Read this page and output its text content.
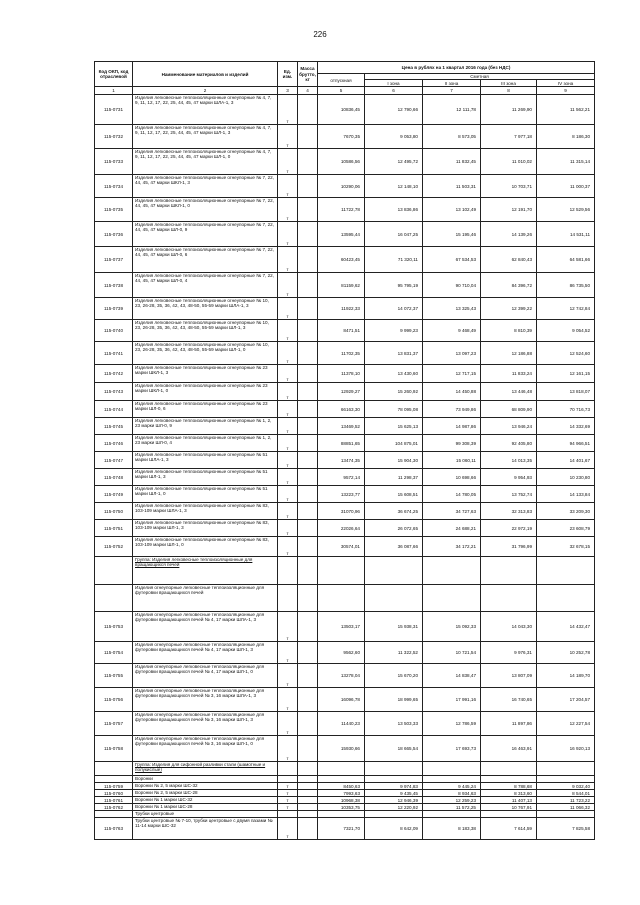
226
Код ОКП, код отраслевой	Наименование материалов и изделий	Ед. изм.	Масса брутто, кг	Цена в рублях на 1 квартал 2016 года (без НДС)				
				отпускная	Сметная			
					I зона	II зона	III зона	IV зона
1	2	3	4	5	6	7	8	9
115-0731	Изделия легковесные теплоизоляционные огнеупорные № 4, 7, 9, 11, 12, 17, 22, 25, 44, 45, 47 марки ШЛА-1, 3	т		10836,45	12 790,66	12 111,78	11 269,90	11 562,21
115-0732	Изделия легковесные теплоизоляционные огнеупорные № 4, 7, 9, 11, 12, 17, 22, 25, 44, 45, 47 марки ШЛ-1, 3	т		7670,35	9 053,80	8 573,05	7 977,18	8 186,30
115-0733	Изделия легковесные теплоизоляционные огнеупорные № 4, 7, 9, 11, 12, 17, 22, 25, 44, 45, 47 марки ШЛ-1, 0	т		10586,56	12 495,72	11 832,45	11 010,02	11 315,14
115-0734	Изделия легковесные теплоизоляционные огнеупорные № 7, 22, 44, 45, 47 марки ШКЛ-1, 3	т		10290,06	12 148,10	11 503,31	10 703,71	11 000,37
115-0735	Изделия легковесные теплоизоляционные огнеупорные № 7, 22, 44, 45, 47 марки ШКЛ-1, 0	т		11722,78	13 836,86	13 102,49	12 191,70	12 529,56
115-0736	Изделия легковесные теплоизоляционные огнеупорные № 7, 22, 44, 45, 47 марки ШЛ-0, 9	т		13595,44	16 047,25	15 195,46	14 139,26	14 531,11
115-0737	Изделия легковесные теплоизоляционные огнеупорные № 7, 22, 44, 45, 47 марки ШЛ-0, 6	т		60423,45	71 320,11	67 534,53	62 840,43	64 581,66
115-0738	Изделия легковесные теплоизоляционные огнеупорные № 7, 22, 44, 45, 47 марки ШЛ-0, 4	т		81159,62	95 795,19	90 710,04	84 396,72	86 735,50
115-0739	Изделия легковесные теплоизоляционные огнеупорные № 10, 23, 26-28, 35, 36, 42, 43, 48-50, 55-59 марки ШЛА-1, 3	т		11922,33	14 072,37	13 325,43	12 399,22	12 742,84
115-0740	Изделия легковесные теплоизоляционные огнеупорные № 10, 23, 26-28, 35, 36, 42, 43, 48-50, 55-59 марки ШЛ-1, 3	т		8471,51	9 999,23	9 468,49	8 810,39	9 054,52
115-0741	Изделия легковесные теплоизоляционные огнеупорные № 10, 23, 26-28, 35, 36, 42, 43, 48-50, 55-59 марки ШЛ-1, 0	т		11702,35	13 831,37	13 097,23	12 186,88	12 524,60
115-0742	Изделия легковесные теплоизоляционные огнеупорные № 23 марки ШКЛ-1, 3	т		11378,10	13 430,60	12 717,15	11 833,24	12 161,15
115-0743	Изделия легковесные теплоизоляционные огнеупорные № 23 марки ШКЛ-1, 0	т		12929,27	15 260,92	14 450,88	13 446,48	13 818,07
115-0744	Изделия легковесные теплоизоляционные огнеупорные № 23 марки ШЛ-0, 6	т		66163,30	78 095,08	73 949,86	68 809,90	70 716,73
115-0745	Изделия легковесные теплоизоляционные огнеупорные № 1, 2, 23 марки ШЛ-0, 9	т		13469,52	15 625,13	14 987,86	13 946,24	14 332,69
115-0746	Изделия легковесные теплоизоляционные огнеупорные № 1, 2, 23 марки ШЛ-0, 4	т		88851,65	104 875,01	99 308,39	92 405,80	94 966,51
115-0747	Изделия легковесные теплоизоляционные огнеупорные № 51 марки ШЛА-1, 3	т		13474,35	15 904,30	15 060,11	14 013,35	14 401,67
115-0748	Изделия легковесные теплоизоляционные огнеупорные № 51 марки ШЛ-1, 3	т		9572,14	11 298,37	10 698,66	9 954,93	10 230,80
115-0749	Изделия легковесные теплоизоляционные огнеупорные № 51 марки ШЛ-1, 0	т		13223,77	15 608,51	14 780,05	13 752,74	14 133,84
115-0750	Изделия легковесные теплоизоляционные огнеупорные № 83, 103-109 марки ШЛА-1, 3	т		31070,96	36 674,25	34 727,63	32 313,83	33 209,30
115-0751	Изделия легковесные теплоизоляционные огнеупорные № 83, 103-109 марки ШЛ-1, 3	т		22026,64	26 072,65	24 688,21	22 972,19	23 608,79
115-0752	Изделия легковесные теплоизоляционные огнеупорные № 83, 103-109 марки ШЛ-1, 0	т		30574,01	36 087,66	34 172,21	31 796,99	32 678,15
	Группа: Изделия легковесные теплоизоляционные для вращающихся печей							
	Изделия огнеупорные легковесные теплоизоляционные для футеровки вращающихся печей							
115-0753	Изделия огнеупорные легковесные теплоизоляционные для футеровки вращающихся печей № 4, 17 марки ШЛА-1, 3	т		13503,17	15 938,31	15 092,33	14 043,30	14 432,47
115-0754	Изделия огнеупорные легковесные теплоизоляционные для футеровки вращающихся печей № 4, 17 марки ШЛ-1, 3	т		9562,60	11 322,52	10 721,54	9 976,31	10 252,78
115-0755	Изделия огнеупорные легковесные теплоизоляционные для футеровки вращающихся печей № 4, 17 марки ШЛ-1, 0	т		13278,04	15 670,20	14 838,47	13 807,09	14 189,70
115-0756	Изделия огнеупорные легковесные теплоизоляционные для футеровки вращающихся печей № 3, 16 марки ШЛА-1, 3	т		16096,78	18 999,65	17 991,16	16 740,65	17 204,57
115-0757	Изделия огнеупорные легковесные теплоизоляционные для футеровки вращающихся печей № 3, 16 марки ШЛ-1, 3	т		11440,23	13 503,33	12 786,59	11 897,86	12 227,54
115-0758	Изделия огнеупорные легковесные теплоизоляционные для футеровки вращающихся печей № 3, 16 марки ШЛ-1, 0	т		15930,66	18 665,54	17 693,73	16 463,91	16 920,13
	Группа: Изделия для сифонной разливки стали (шамотные и полукислые)							
	Воронки							
115-0759	Воронки № 2, 5 марки ШС-32	т		8450,63	9 974,83	9 445,24	8 788,68	9 032,40
115-0760	Воронки № 2, 5 марки ШС-28	т		7993,63	9 435,45	8 934,63	8 313,60	8 544,01
115-0761	Воронки № 1 марки ШС-32	т		10968,38	12 946,39	12 259,23	11 407,13	11 723,22
115-0762	Воронки № 1 марки ШС-28	т		10353,75	12 220,92	11 572,25	10 767,91	11 066,32
	Трубки центровые							
115-0763	Трубки центровые № 7-10, трубки центровые с двумя пазами № 11-14 марки ШС-32	т		7321,70	8 642,09	8 183,38	7 614,59	7 825,58
